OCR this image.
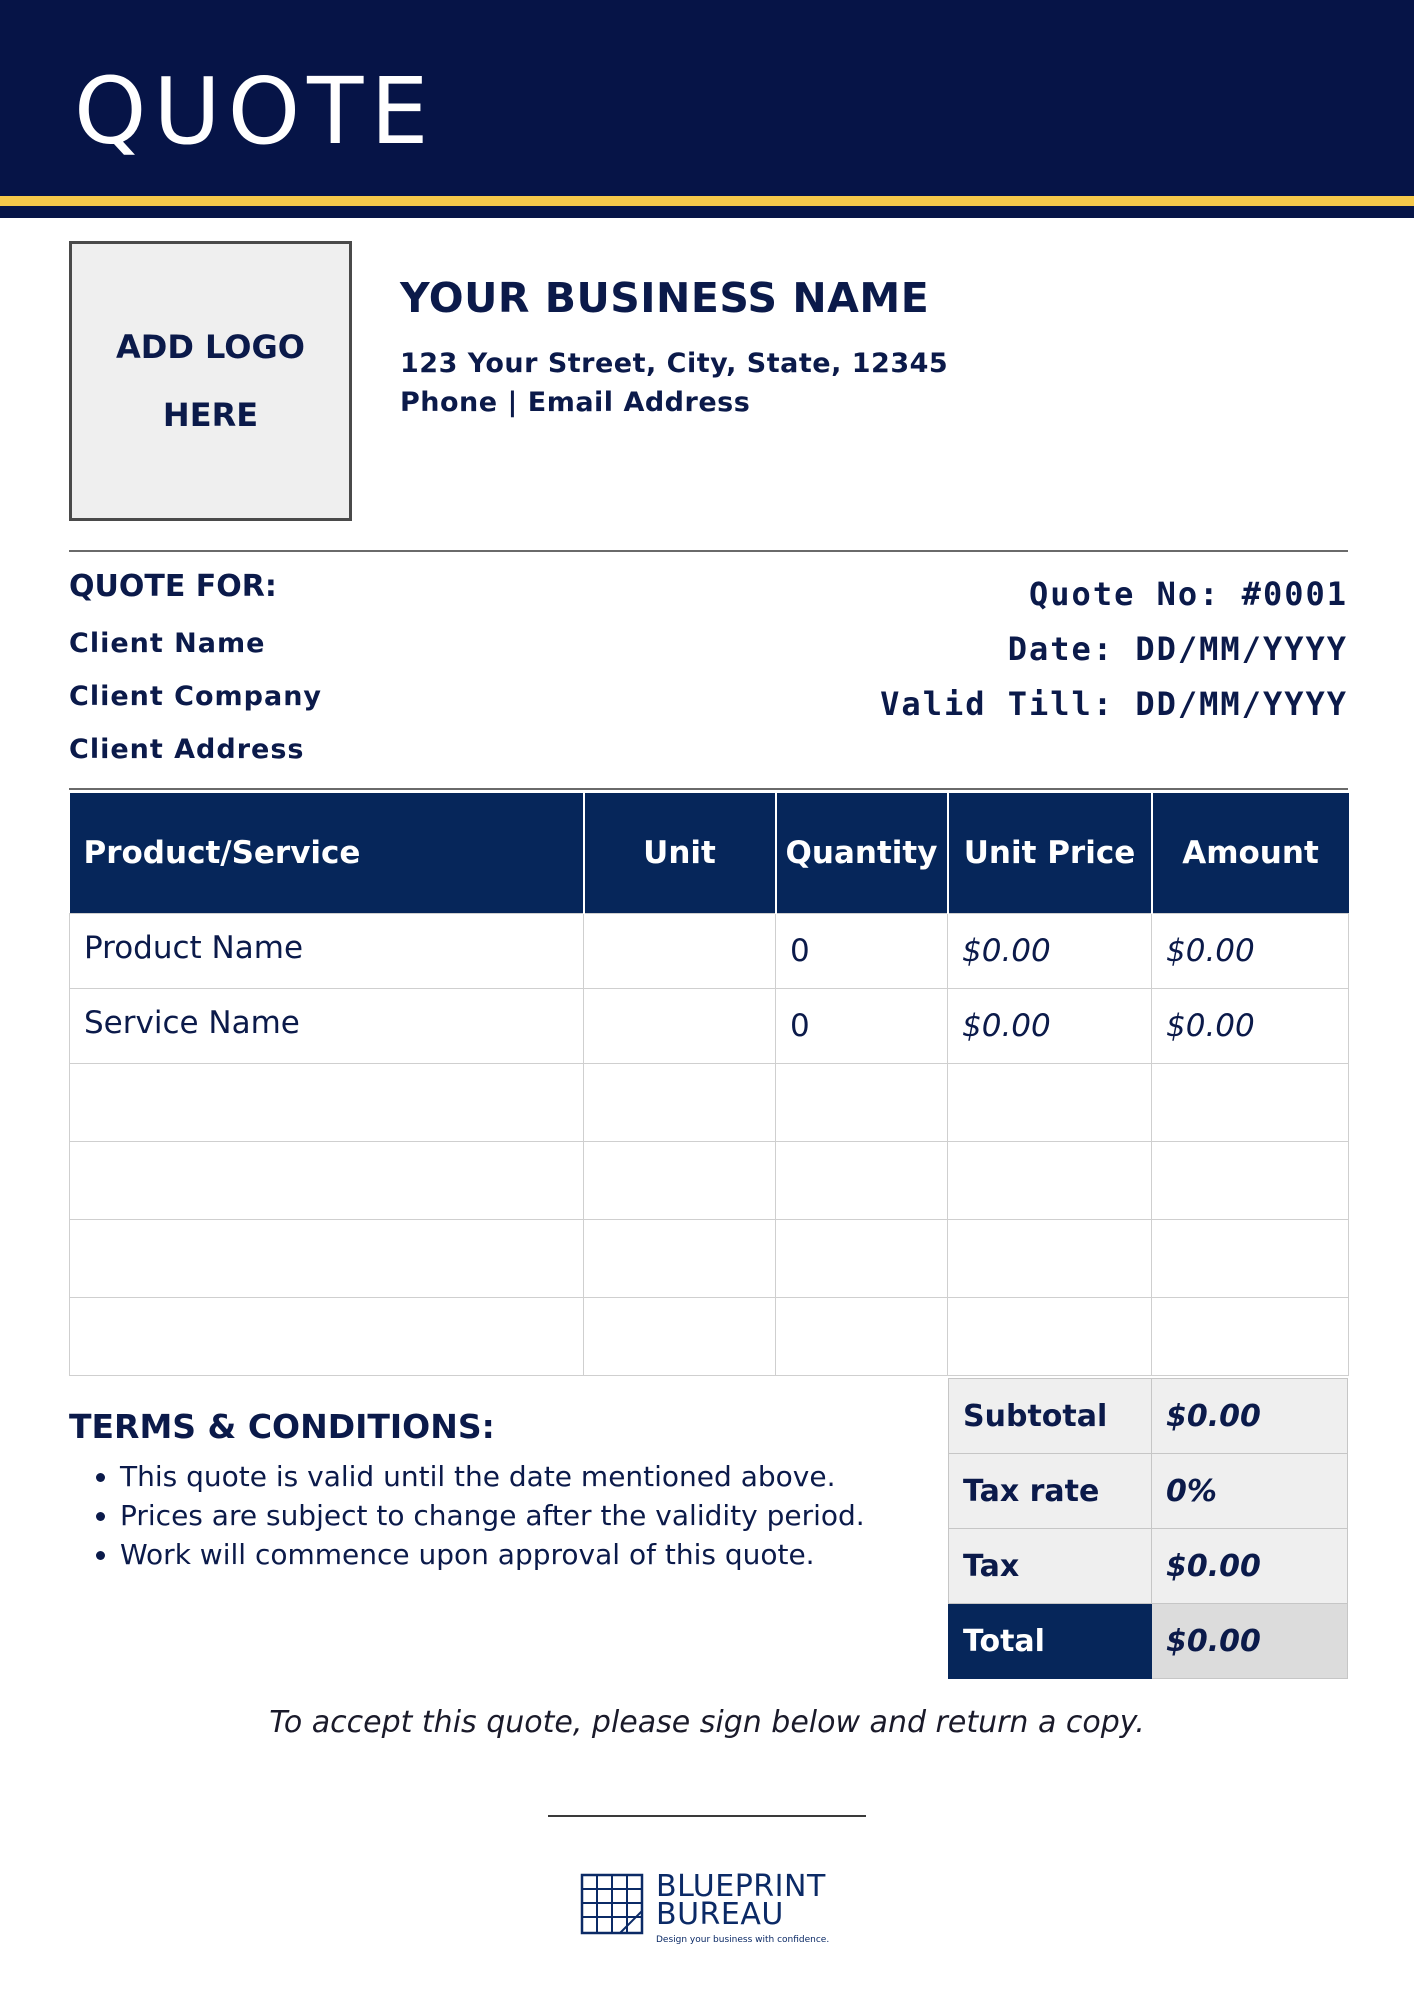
QUOTE
ADD LOGO HERE
YOUR BUSINESS NAME
123 Your Street, City, State, 12345
Phone | Email Address
QUOTE FOR:
Client Name
Client Company
Client Address
Quote No: #0001
Date: DD/MM/YYYY
Valid Till: DD/MM/YYYY
Product/Service	Unit	Quantity	Unit Price	Amount
Product Name		0	$0.00	$0.00
Service Name		0	$0.00	$0.00

Subtotal	$0.00
Tax rate	0%
Tax	$0.00
Total	$0.00
TERMS & CONDITIONS:
• This quote is valid until the date mentioned above.
• Prices are subject to change after the validity period.
• Work will commence upon approval of this quote.
To accept this quote, please sign below and return a copy.
BLUEPRINT
BUREAU
Design your business with confidence.
